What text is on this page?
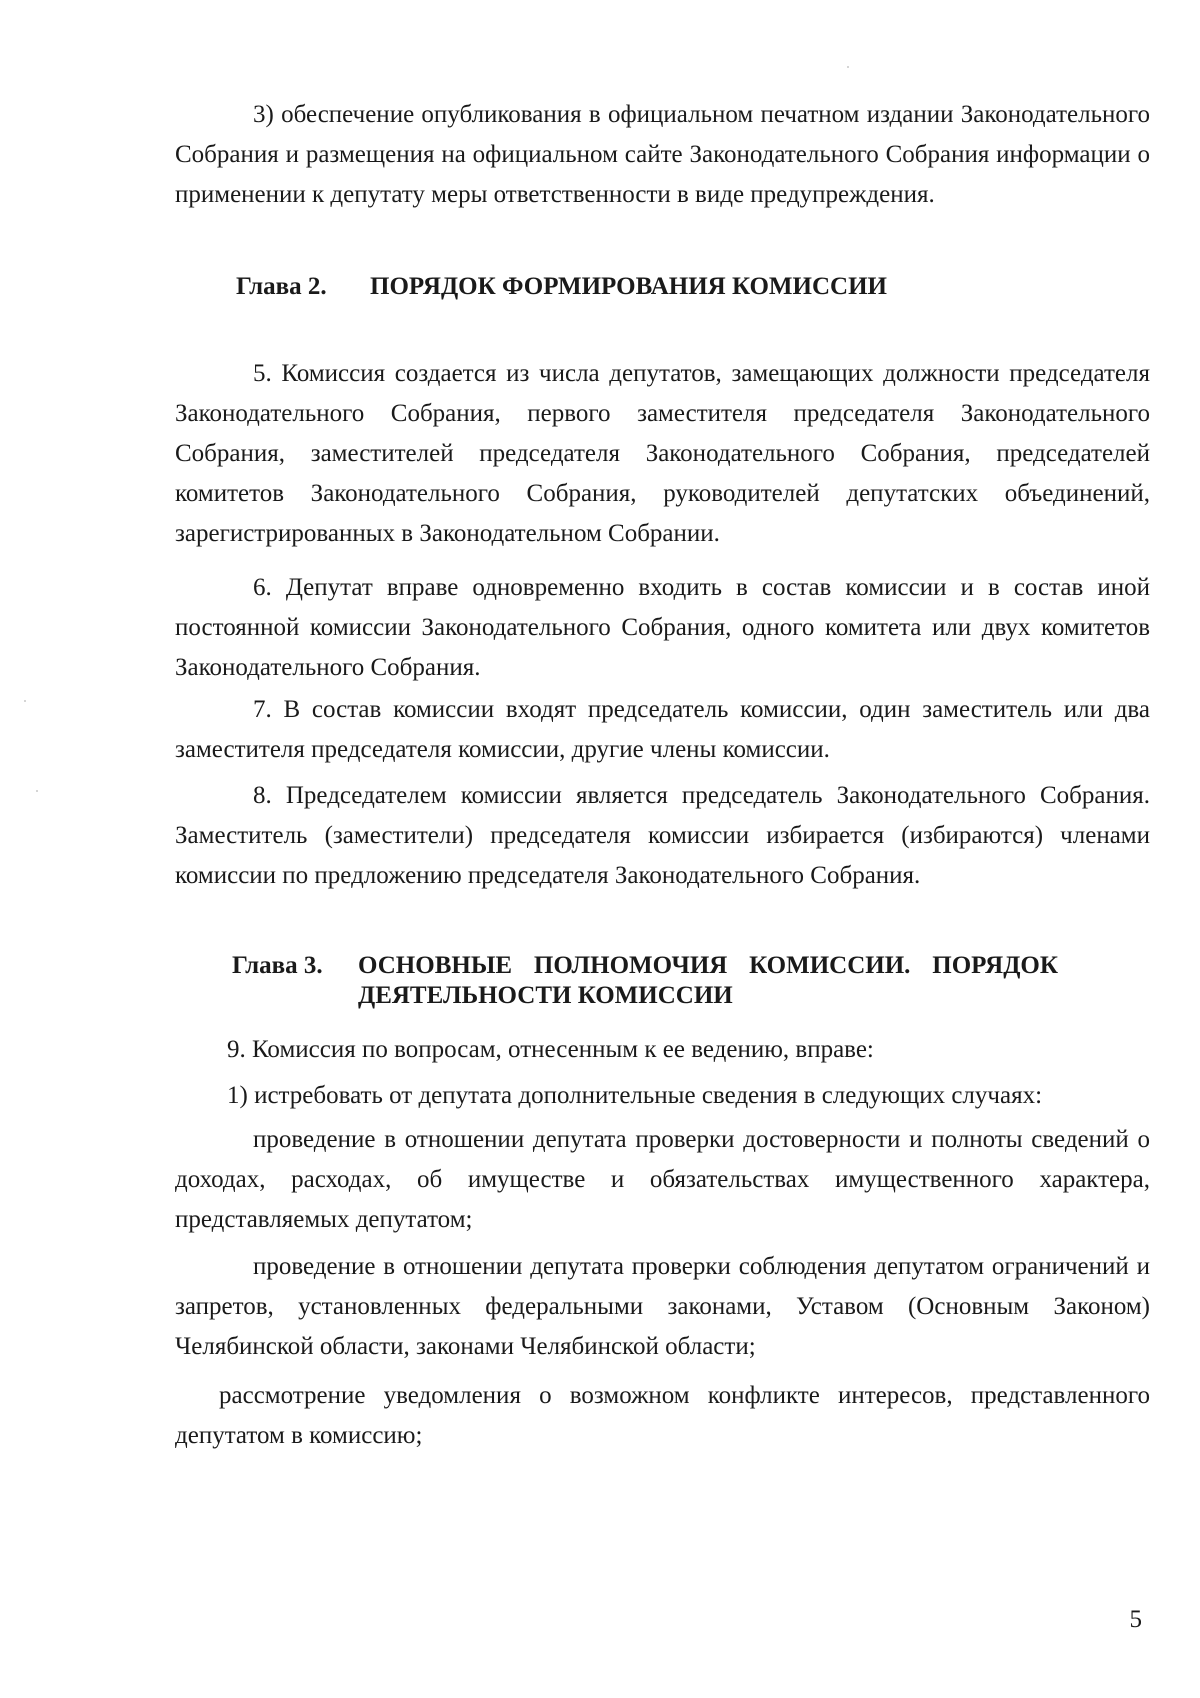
3) обеспечение опубликования в официальном печатном издании Законодательного Собрания и размещения на официальном сайте Законодательного Собрания информации о применении к депутату меры ответственности в виде предупреждения.

Глава 2. ПОРЯДОК ФОРМИРОВАНИЯ КОМИССИИ

5. Комиссия создается из числа депутатов, замещающих должности председателя Законодательного Собрания, первого заместителя председателя Законодательного Собрания, заместителей председателя Законодательного Собрания, председателей комитетов Законодательного Собрания, руководителей депутатских объединений, зарегистрированных в Законодательном Собрании.

6. Депутат вправе одновременно входить в состав комиссии и в состав иной постоянной комиссии Законодательного Собрания, одного комитета или двух комитетов Законодательного Собрания.

7. В состав комиссии входят председатель комиссии, один заместитель или два заместителя председателя комиссии, другие члены комиссии.

8. Председателем комиссии является председатель Законодательного Собрания. Заместитель (заместители) председателя комиссии избирается (избираются) членами комиссии по предложению председателя Законодательного Собрания.

Глава 3. ОСНОВНЫЕ ПОЛНОМОЧИЯ КОМИССИИ. ПОРЯДОК ДЕЯТЕЛЬНОСТИ КОМИССИИ

9. Комиссия по вопросам, отнесенным к ее ведению, вправе:

1) истребовать от депутата дополнительные сведения в следующих случаях:

проведение в отношении депутата проверки достоверности и полноты сведений о доходах, расходах, об имуществе и обязательствах имущественного характера, представляемых депутатом;

проведение в отношении депутата проверки соблюдения депутатом ограничений и запретов, установленных федеральными законами, Уставом (Основным Законом) Челябинской области, законами Челябинской области;

рассмотрение уведомления о возможном конфликте интересов, представленного депутатом в комиссию;

5
